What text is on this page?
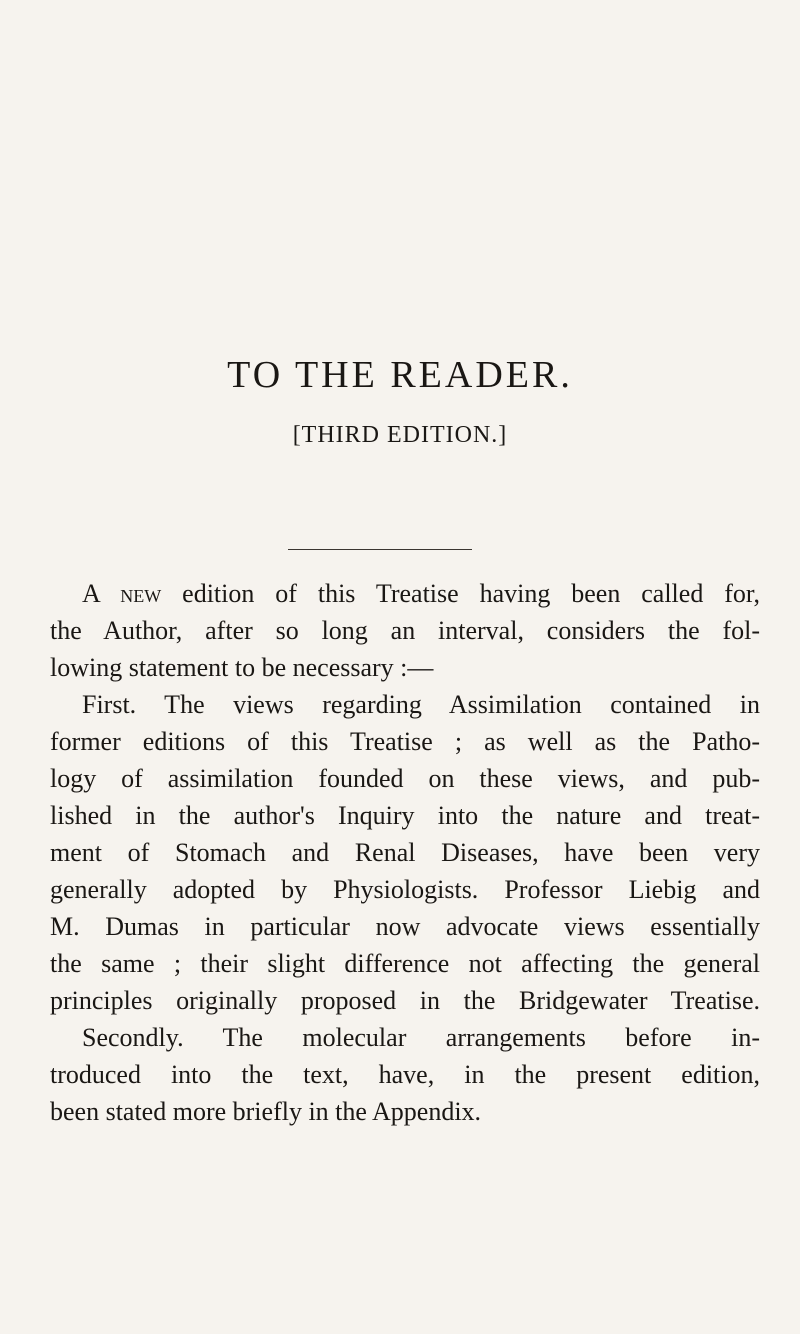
TO THE READER.
[THIRD EDITION.]
A new edition of this Treatise having been called for,
the Author, after so long an interval, considers the fol-
lowing statement to be necessary :—
First. The views regarding Assimilation contained in
former editions of this Treatise ; as well as the Patho-
logy of assimilation founded on these views, and pub-
lished in the author's Inquiry into the nature and treat-
ment of Stomach and Renal Diseases, have been very
generally adopted by Physiologists. Professor Liebig and
M. Dumas in particular now advocate views essentially
the same ; their slight difference not affecting the general
principles originally proposed in the Bridgewater Treatise.
Secondly. The molecular arrangements before in-
troduced into the text, have, in the present edition,
been stated more briefly in the Appendix.
